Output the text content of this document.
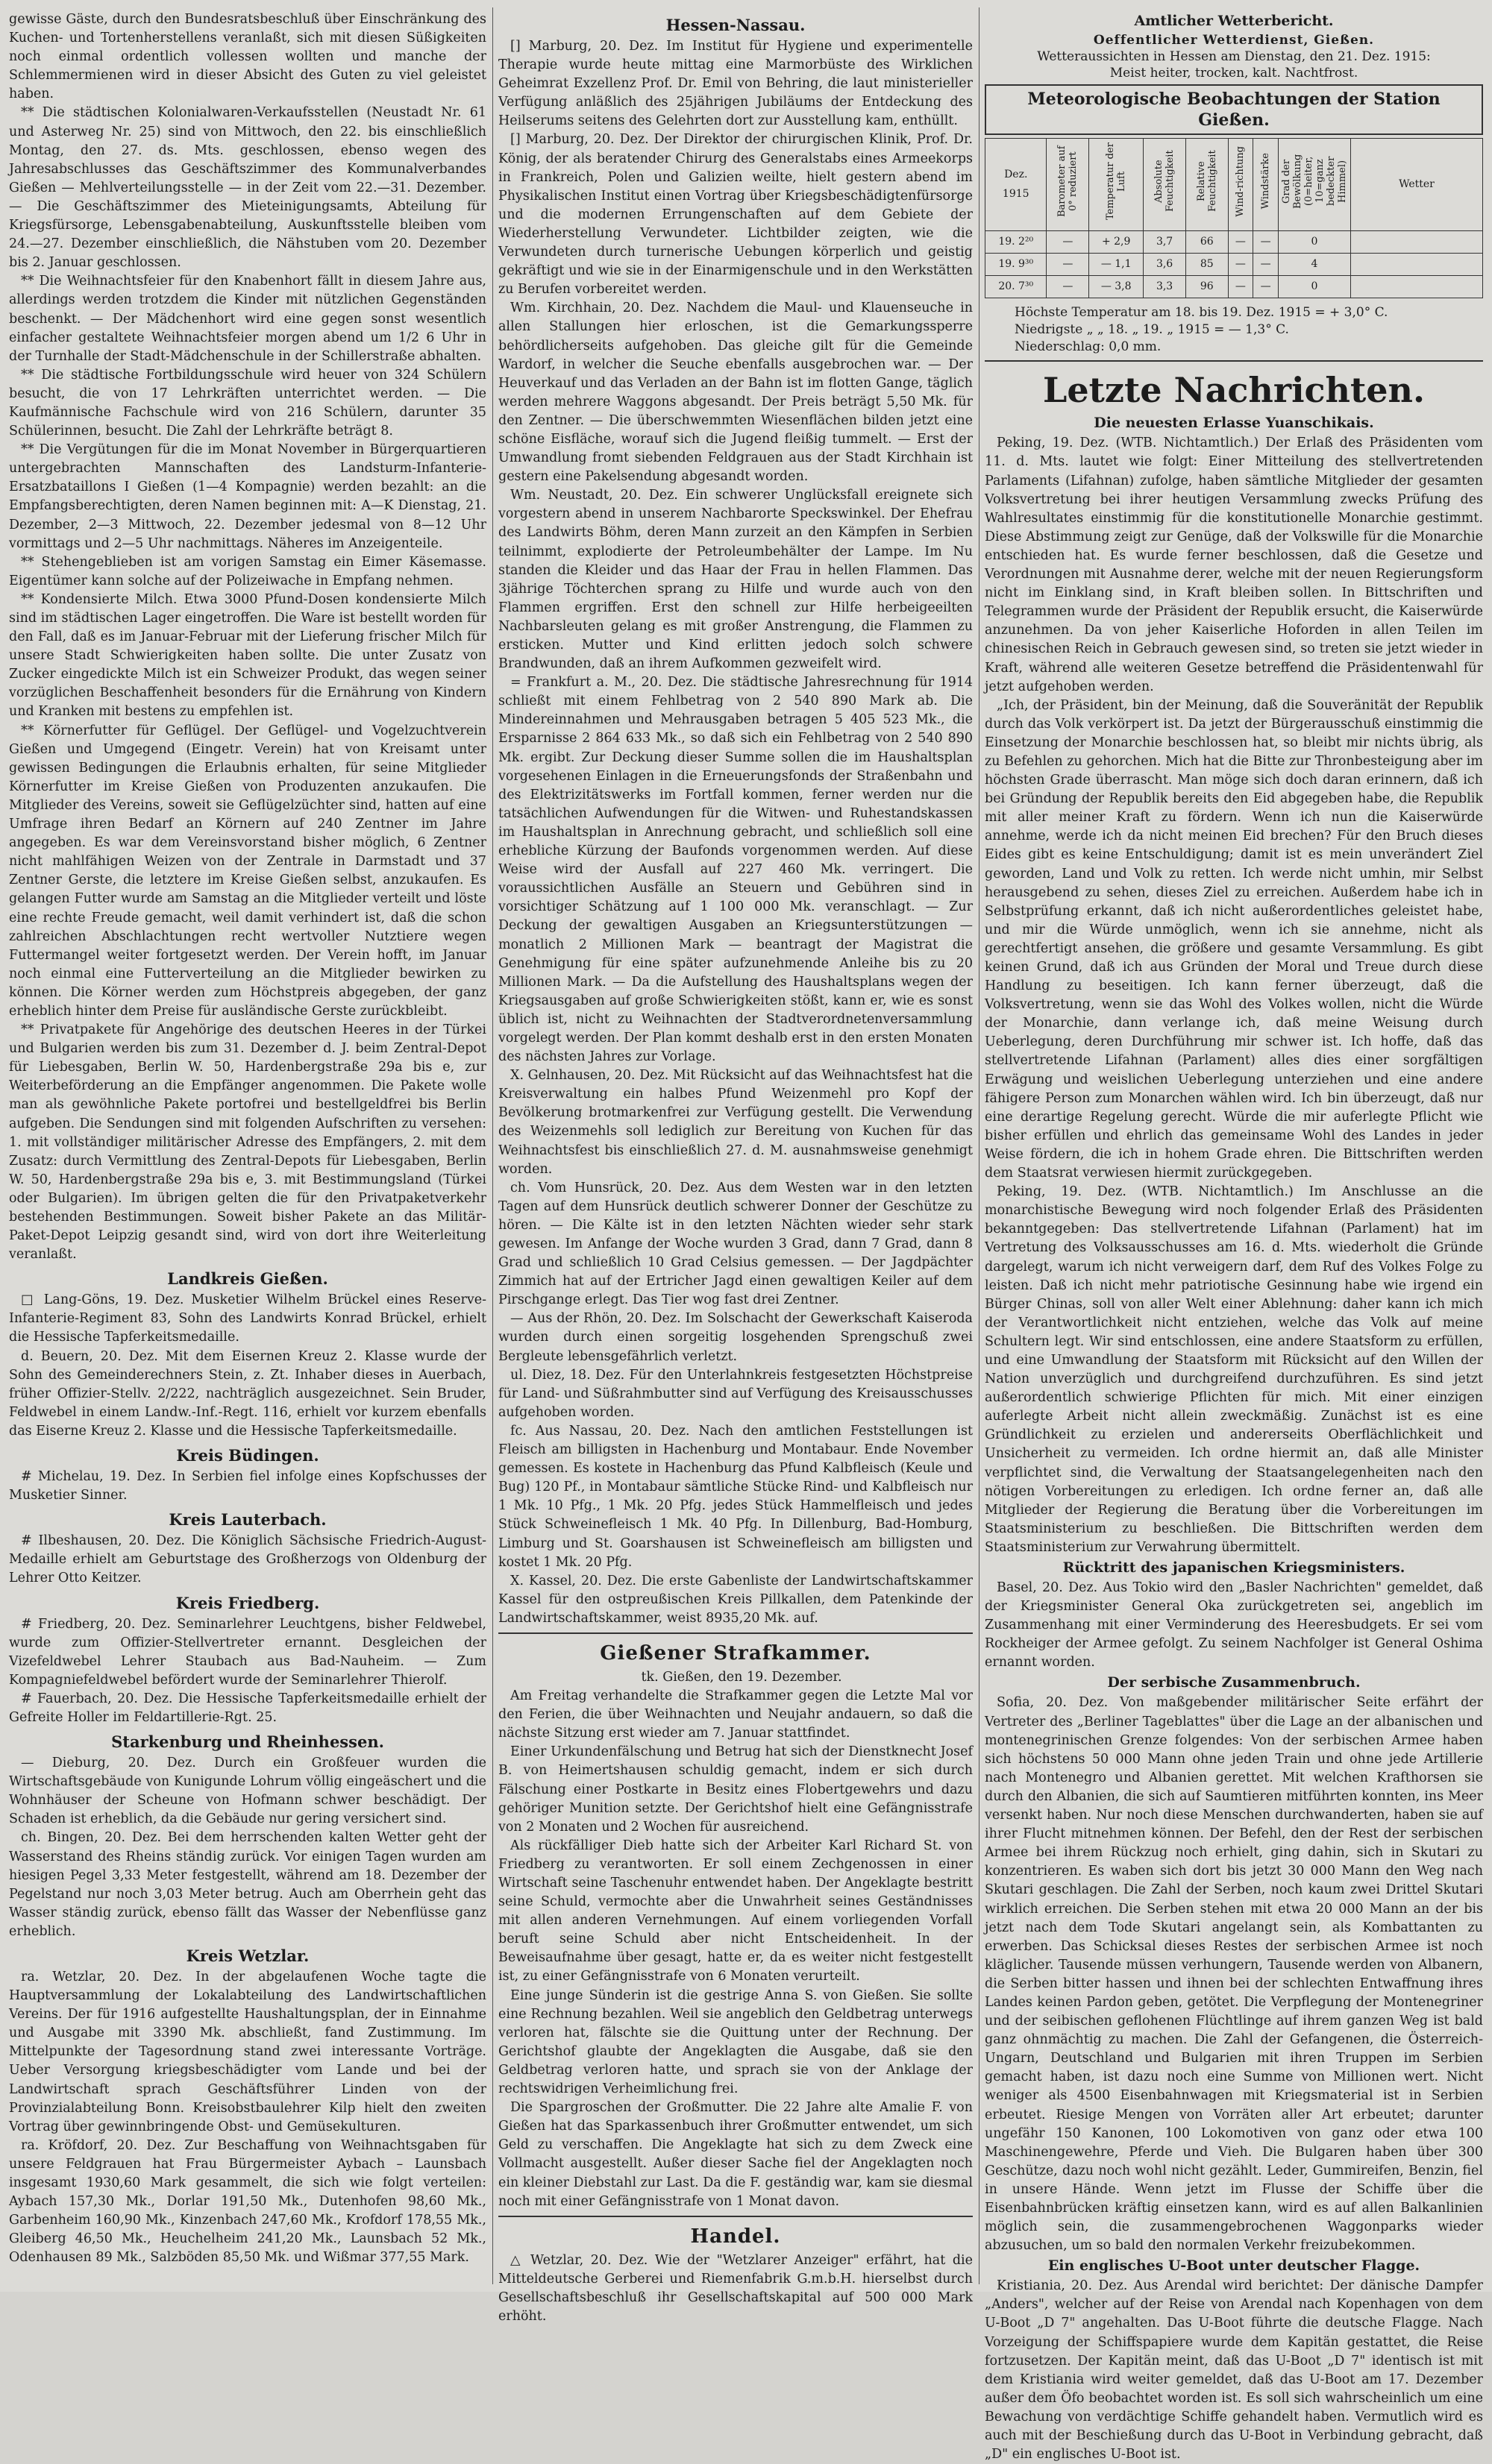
gewisse Gäste, durch den Bundesratsbeschluß über Einschränkung des Kuchen- und Tortenherstellens veranlaßt, sich mit diesen Süßigkeiten noch einmal ordentlich vollessen wollten und manche der Schlemmermienen wird in dieser Absicht des Guten zu viel geleistet haben.

** Die städtischen Kolonialwaren-Verkaufsstellen (Neustadt Nr. 61 und Asterweg Nr. 25) sind von Mittwoch, den 22. bis einschließlich Montag, den 27. ds. Mts. geschlossen, ebenso wegen des Jahresabschlusses das Geschäftszimmer des Kommunalverbandes Gießen — Mehlverteilungsstelle — in der Zeit vom 22.—31. Dezember. — Die Geschäftszimmer des Mieteinigungsamts, Abteilung für Kriegsfürsorge, Lebensgabenabteilung, Auskunftsstelle bleiben vom 24.—27. Dezember einschließlich, die Nähstuben vom 20. Dezember bis 2. Januar geschlossen.

** Die Weihnachtsfeier für den Knabenhort fällt in diesem Jahre aus, allerdings werden trotzdem die Kinder mit nützlichen Gegenständen beschenkt. — Der Mädchenhort wird eine gegen sonst wesentlich einfacher gestaltete Weihnachtsfeier morgen abend um 1/2 6 Uhr in der Turnhalle der Stadt-Mädchenschule in der Schillerstraße abhalten.

** Die städtische Fortbildungsschule wird heuer von 324 Schülern besucht, die von 17 Lehrkräften unterrichtet werden. — Die Kaufmännische Fachschule wird von 216 Schülern, darunter 35 Schülerinnen, besucht. Die Zahl der Lehrkräfte beträgt 8.

** Die Vergütungen für die im Monat November in Bürgerquartieren untergebrachten Mannschaften des Landsturm-Infanterie-Ersatzbataillons I Gießen (1—4 Kompagnie) werden bezahlt: an die Empfangsberechtigten, deren Namen beginnen mit: A—K Dienstag, 21. Dezember, 2—3 Mittwoch, 22. Dezember jedesmal von 8—12 Uhr vormittags und 2—5 Uhr nachmittags. Näheres im Anzeigenteile.

** Stehengeblieben ist am vorigen Samstag ein Eimer Käsemasse. Eigentümer kann solche auf der Polizeiwache in Empfang nehmen.

** Kondensierte Milch. Etwa 3000 Pfund-Dosen kondensierte Milch sind im städtischen Lager eingetroffen. Die Ware ist bestellt worden für den Fall, daß es im Januar-Februar mit der Lieferung frischer Milch für unsere Stadt Schwierigkeiten haben sollte. Die unter Zusatz von Zucker eingedickte Milch ist ein Schweizer Produkt, das wegen seiner vorzüglichen Beschaffenheit besonders für die Ernährung von Kindern und Kranken mit bestens zu empfehlen ist.

** Körnerfutter für Geflügel. Der Geflügel- und Vogelzuchtverein Gießen und Umgegend (Eingetr. Verein) hat von Kreisamt unter gewissen Bedingungen die Erlaubnis erhalten, für seine Mitglieder Körnerfutter im Kreise Gießen von Produzenten anzukaufen. Die Mitglieder des Vereins, soweit sie Geflügelzüchter sind, hatten auf eine Umfrage ihren Bedarf an Körnern auf 240 Zentner im Jahre angegeben. Es war dem Vereinsvorstand bisher möglich, 6 Zentner nicht mahlfähigen Weizen von der Zentrale in Darmstadt und 37 Zentner Gerste, die letztere im Kreise Gießen selbst, anzukaufen. Es gelangen Futter wurde am Samstag an die Mitglieder verteilt und löste eine rechte Freude gemacht, weil damit verhindert ist, daß die schon zahlreichen Abschlachtungen recht wertvoller Nutztiere wegen Futtermangel weiter fortgesetzt werden. Der Verein hofft, im Januar noch einmal eine Futterverteilung an die Mitglieder bewirken zu können. Die Körner werden zum Höchstpreis abgegeben, der ganz erheblich hinter dem Preise für ausländische Gerste zurückbleibt.

** Privatpakete für Angehörige des deutschen Heeres in der Türkei und Bulgarien werden bis zum 31. Dezember d. J. beim Zentral-Depot für Liebesgaben, Berlin W. 50, Hardenbergstraße 29a bis e, zur Weiterbeförderung an die Empfänger angenommen. Die Pakete wolle man als gewöhnliche Pakete portofrei und bestellgeldfrei bis Berlin aufgeben. Die Sendungen sind mit folgenden Aufschriften zu versehen: 1. mit vollständiger militärischer Adresse des Empfängers, 2. mit dem Zusatz: durch Vermittlung des Zentral-Depots für Liebesgaben, Berlin W. 50, Hardenbergstraße 29a bis e, 3. mit Bestimmungsland (Türkei oder Bulgarien). Im übrigen gelten die für den Privatpaketverkehr bestehenden Bestimmungen. Soweit bisher Pakete an das Militär-Paket-Depot Leipzig gesandt sind, wird von dort ihre Weiterleitung veranlaßt.

Landkreis Gießen.

□ Lang-Göns, 19. Dez. Musketier Wilhelm Brückel eines Reserve-Infanterie-Regiment 83, Sohn des Landwirts Konrad Brückel, erhielt die Hessische Tapferkeitsmedaille.

d. Beuern, 20. Dez. Mit dem Eisernen Kreuz 2. Klasse wurde der Sohn des Gemeinderechners Stein, z. Zt. Inhaber dieses in Auerbach, früher Offizier-Stellv. 2/222, nachträglich ausgezeichnet. Sein Bruder, Feldwebel in einem Landw.-Inf.-Regt. 116, erhielt vor kurzem ebenfalls das Eiserne Kreuz 2. Klasse und die Hessische Tapferkeitsmedaille.

Kreis Büdingen.

# Michelau, 19. Dez. In Serbien fiel infolge eines Kopfschusses der Musketier Sinner.

Kreis Lauterbach.

# Ilbeshausen, 20. Dez. Die Königlich Sächsische Friedrich-August-Medaille erhielt am Geburtstage des Großherzogs von Oldenburg der Lehrer Otto Keitzer.

Kreis Friedberg.

# Friedberg, 20. Dez. Seminarlehrer Leuchtgens, bisher Feldwebel, wurde zum Offizier-Stellvertreter ernannt. Desgleichen der Vizefeldwebel Lehrer Staubach aus Bad-Nauheim. — Zum Kompagniefeldwebel befördert wurde der Seminarlehrer Thierolf.

# Fauerbach, 20. Dez. Die Hessische Tapferkeitsmedaille erhielt der Gefreite Holler im Feldartillerie-Rgt. 25.

Starkenburg und Rheinhessen.

— Dieburg, 20. Dez. Durch ein Großfeuer wurden die Wirtschaftsgebäude von Kunigunde Lohrum völlig eingeäschert und die Wohnhäuser der Scheune von Hofmann schwer beschädigt. Der Schaden ist erheblich, da die Gebäude nur gering versichert sind.

ch. Bingen, 20. Dez. Bei dem herrschenden kalten Wetter geht der Wasserstand des Rheins ständig zurück. Vor einigen Tagen wurden am hiesigen Pegel 3,33 Meter festgestellt, während am 18. Dezember der Pegelstand nur noch 3,03 Meter betrug. Auch am Oberrhein geht das Wasser ständig zurück, ebenso fällt das Wasser der Nebenflüsse ganz erheblich.

Kreis Wetzlar.

ra. Wetzlar, 20. Dez. In der abgelaufenen Woche tagte die Hauptversammlung der Lokalabteilung des Landwirtschaftlichen Vereins. Der für 1916 aufgestellte Haushaltungsplan, der in Einnahme und Ausgabe mit 3390 Mk. abschließt, fand Zustimmung. Im Mittelpunkte der Tagesordnung stand zwei interessante Vorträge. Ueber Versorgung kriegsbeschädigter vom Lande und bei der Landwirtschaft sprach Geschäftsführer Linden von der Provinzialabteilung Bonn. Kreisobstbaulehrer Kilp hielt den zweiten Vortrag über gewinnbringende Obst- und Gemüsekulturen.

ra. Kröfdorf, 20. Dez. Zur Beschaffung von Weihnachtsgaben für unsere Feldgrauen hat Frau Bürgermeister Aybach – Launsbach insgesamt 1930,60 Mark gesammelt, die sich wie folgt verteilen: Aybach 157,30 Mk., Dorlar 191,50 Mk., Dutenhofen 98,60 Mk., Garbenheim 160,90 Mk., Kinzenbach 247,60 Mk., Krofdorf 178,55 Mk., Gleiberg 46,50 Mk., Heuchelheim 241,20 Mk., Launsbach 52 Mk., Odenhausen 89 Mk., Salzböden 85,50 Mk. und Wißmar 377,55 Mark.

Hessen-Nassau.

[] Marburg, 20. Dez. Im Institut für Hygiene und experimentelle Therapie wurde heute mittag eine Marmorbüste des Wirklichen Geheimrat Exzellenz Prof. Dr. Emil von Behring, die laut ministerieller Verfügung anläßlich des 25jährigen Jubiläums der Entdeckung des Heilserums seitens des Gelehrten dort zur Ausstellung kam, enthüllt.

[] Marburg, 20. Dez. Der Direktor der chirurgischen Klinik, Prof. Dr. König, der als beratender Chirurg des Generalstabs eines Armeekorps in Frankreich, Polen und Galizien weilte, hielt gestern abend im Physikalischen Institut einen Vortrag über Kriegsbeschädigtenfürsorge und die modernen Errungenschaften auf dem Gebiete der Wiederherstellung Verwundeter. Lichtbilder zeigten, wie die Verwundeten durch turnerische Uebungen körperlich und geistig gekräftigt und wie sie in der Einarmigenschule und in den Werkstätten zu Berufen vorbereitet werden.

Wm. Kirchhain, 20. Dez. Nachdem die Maul- und Klauenseuche in allen Stallungen hier erloschen, ist die Gemarkungssperre behördlicherseits aufgehoben. Das gleiche gilt für die Gemeinde Wardorf, in welcher die Seuche ebenfalls ausgebrochen war. — Der Heuverkauf und das Verladen an der Bahn ist im flotten Gange, täglich werden mehrere Waggons abgesandt. Der Preis beträgt 5,50 Mk. für den Zentner. — Die überschwemmten Wiesenflächen bilden jetzt eine schöne Eisfläche, worauf sich die Jugend fleißig tummelt. — Erst der Umwandlung fromt siebenden Feldgrauen aus der Stadt Kirchhain ist gestern eine Pakelsendung abgesandt worden.

Wm. Neustadt, 20. Dez. Ein schwerer Unglücksfall ereignete sich vorgestern abend in unserem Nachbarorte Speckswinkel. Der Ehefrau des Landwirts Böhm, deren Mann zurzeit an den Kämpfen in Serbien teilnimmt, explodierte der Petroleumbehälter der Lampe. Im Nu standen die Kleider und das Haar der Frau in hellen Flammen. Das 3jährige Töchterchen sprang zu Hilfe und wurde auch von den Flammen ergriffen. Erst den schnell zur Hilfe herbeigeeilten Nachbarsleuten gelang es mit großer Anstrengung, die Flammen zu ersticken. Mutter und Kind erlitten jedoch solch schwere Brandwunden, daß an ihrem Aufkommen gezweifelt wird.

= Frankfurt a. M., 20. Dez. Die städtische Jahresrechnung für 1914 schließt mit einem Fehlbetrag von 2 540 890 Mark ab. Die Mindereinnahmen und Mehrausgaben betragen 5 405 523 Mk., die Ersparnisse 2 864 633 Mk., so daß sich ein Fehlbetrag von 2 540 890 Mk. ergibt. Zur Deckung dieser Summe sollen die im Haushaltsplan vorgesehenen Einlagen in die Erneuerungsfonds der Straßenbahn und des Elektrizitätswerks im Fortfall kommen, ferner werden nur die tatsächlichen Aufwendungen für die Witwen- und Ruhestandskassen im Haushaltsplan in Anrechnung gebracht, und schließlich soll eine erhebliche Kürzung der Baufonds vorgenommen werden. Auf diese Weise wird der Ausfall auf 227 460 Mk. verringert. Die voraussichtlichen Ausfälle an Steuern und Gebühren sind in vorsichtiger Schätzung auf 1 100 000 Mk. veranschlagt. — Zur Deckung der gewaltigen Ausgaben an Kriegsunterstützungen — monatlich 2 Millionen Mark — beantragt der Magistrat die Genehmigung für eine später aufzunehmende Anleihe bis zu 20 Millionen Mark. — Da die Aufstellung des Haushaltsplans wegen der Kriegsausgaben auf große Schwierigkeiten stößt, kann er, wie es sonst üblich ist, nicht zu Weihnachten der Stadtverordnetenversammlung vorgelegt werden. Der Plan kommt deshalb erst in den ersten Monaten des nächsten Jahres zur Vorlage.

X. Gelnhausen, 20. Dez. Mit Rücksicht auf das Weihnachtsfest hat die Kreisverwaltung ein halbes Pfund Weizenmehl pro Kopf der Bevölkerung brotmarkenfrei zur Verfügung gestellt. Die Verwendung des Weizenmehls soll lediglich zur Bereitung von Kuchen für das Weihnachtsfest bis einschließlich 27. d. M. ausnahmsweise genehmigt worden.

ch. Vom Hunsrück, 20. Dez. Aus dem Westen war in den letzten Tagen auf dem Hunsrück deutlich schwerer Donner der Geschütze zu hören. — Die Kälte ist in den letzten Nächten wieder sehr stark gewesen. Im Anfange der Woche wurden 3 Grad, dann 7 Grad, dann 8 Grad und schließlich 10 Grad Celsius gemessen. — Der Jagdpächter Zimmich hat auf der Ertricher Jagd einen gewaltigen Keiler auf dem Pirschgange erlegt. Das Tier wog fast drei Zentner.

— Aus der Rhön, 20. Dez. Im Solschacht der Gewerkschaft Kaiseroda wurden durch einen sorgeitig losgehenden Sprengschuß zwei Bergleute lebensgefährlich verletzt.

ul. Diez, 18. Dez. Für den Unterlahnkreis festgesetzten Höchstpreise für Land- und Süßrahmbutter sind auf Verfügung des Kreisausschusses aufgehoben worden.

fc. Aus Nassau, 20. Dez. Nach den amtlichen Feststellungen ist Fleisch am billigsten in Hachenburg und Montabaur. Ende November gemessen. Es kostete in Hachenburg das Pfund Kalbfleisch (Keule und Bug) 120 Pf., in Montabaur sämtliche Stücke Rind- und Kalbfleisch nur 1 Mk. 10 Pfg., 1 Mk. 20 Pfg. jedes Stück Hammelfleisch und jedes Stück Schweinefleisch 1 Mk. 40 Pfg. In Dillenburg, Bad-Homburg, Limburg und St. Goarshausen ist Schweinefleisch am billigsten und kostet 1 Mk. 20 Pfg.

X. Kassel, 20. Dez. Die erste Gabenliste der Landwirtschaftskammer Kassel für den ostpreußischen Kreis Pillkallen, dem Patenkinde der Landwirtschaftskammer, weist 8935,20 Mk. auf.

Gießener Strafkammer.

tk. Gießen, den 19. Dezember.

Am Freitag verhandelte die Strafkammer gegen die Letzte Mal vor den Ferien, die über Weihnachten und Neujahr andauern, so daß die nächste Sitzung erst wieder am 7. Januar stattfindet.

Einer Urkundenfälschung und Betrug hat sich der Dienstknecht Josef B. von Heimertshausen schuldig gemacht, indem er sich durch Fälschung einer Postkarte in Besitz eines Flobertgewehrs und dazu gehöriger Munition setzte. Der Gerichtshof hielt eine Gefängnisstrafe von 2 Monaten und 2 Wochen für ausreichend.

Als rückfälliger Dieb hatte sich der Arbeiter Karl Richard St. von Friedberg zu verantworten. Er soll einem Zechgenossen in einer Wirtschaft seine Taschenuhr entwendet haben. Der Angeklagte bestritt seine Schuld, vermochte aber die Unwahrheit seines Geständnisses mit allen anderen Vernehmungen. Auf einem vorliegenden Vorfall beruft seine Schuld aber nicht Entscheidenheit. In der Beweisaufnahme über gesagt, hatte er, da es weiter nicht festgestellt ist, zu einer Gefängnisstrafe von 6 Monaten verurteilt.

Eine junge Sünderin ist die gestrige Anna S. von Gießen. Sie sollte eine Rechnung bezahlen. Weil sie angeblich den Geldbetrag unterwegs verloren hat, fälschte sie die Quittung unter der Rechnung. Der Gerichtshof glaubte der Angeklagten die Ausgabe, daß sie den Geldbetrag verloren hatte, und sprach sie von der Anklage der rechtswidrigen Verheimlichung frei.

Die Spargroschen der Großmutter. Die 22 Jahre alte Amalie F. von Gießen hat das Sparkassenbuch ihrer Großmutter entwendet, um sich Geld zu verschaffen. Die Angeklagte hat sich zu dem Zweck eine Vollmacht ausgestellt. Außer dieser Sache fiel der Angeklagten noch ein kleiner Diebstahl zur Last. Da die F. geständig war, kam sie diesmal noch mit einer Gefängnisstrafe von 1 Monat davon.

Handel.

△ Wetzlar, 20. Dez. Wie der "Wetzlarer Anzeiger" erfährt, hat die Mitteldeutsche Gerberei und Riemenfabrik G.m.b.H. hierselbst durch Gesellschaftsbeschluß ihr Gesellschaftskapital auf 500 000 Mark erhöht.

Amtlicher Wetterbericht.
Oeffentlicher Wetterdienst, Gießen.
Wetteraussichten in Hessen am Dienstag, den 21. Dez. 1915:
Meist heiter, trocken, kalt. Nachtfrost.
Meteorologische Beobachtungen der Station Gießen.
Dez.
1915	Barometer auf 0° reduziert	Temperatur der Luft	Absolute Feuchtigkeit	Relative Feuchtigkeit	Wind-richtung	Windstärke	Grad der Bewölkung (0=heiter, 10=ganz bedeckter Himmel)	Wetter
19. 2²⁰	—	+ 2,9	3,7	66	—	—	0	
19. 9³⁰	—	— 1,1	3,6	85	—	—	4	
20. 7³⁰	—	— 3,8	3,3	96	—	—	0	
Höchste Temperatur am 18. bis 19. Dez. 1915 = + 3,0° C.
Niedrigste „ „ 18. „ 19. „ 1915 = — 1,3° C.
Niederschlag: 0,0 mm.
Letzte Nachrichten.
Die neuesten Erlasse Yuanschikais.

Peking, 19. Dez. (WTB. Nichtamtlich.) Der Erlaß des Präsidenten vom 11. d. Mts. lautet wie folgt: Einer Mitteilung des stellvertretenden Parlaments (Lifahnan) zufolge, haben sämtliche Mitglieder der gesamten Volksvertretung bei ihrer heutigen Versammlung zwecks Prüfung des Wahlresultates einstimmig für die konstitutionelle Monarchie gestimmt. Diese Abstimmung zeigt zur Genüge, daß der Volkswille für die Monarchie entschieden hat. Es wurde ferner beschlossen, daß die Gesetze und Verordnungen mit Ausnahme derer, welche mit der neuen Regierungsform nicht im Einklang sind, in Kraft bleiben sollen. In Bittschriften und Telegrammen wurde der Präsident der Republik ersucht, die Kaiserwürde anzunehmen. Da von jeher Kaiserliche Hoforden in allen Teilen im chinesischen Reich in Gebrauch gewesen sind, so treten sie jetzt wieder in Kraft, während alle weiteren Gesetze betreffend die Präsidentenwahl für jetzt aufgehoben werden.

„Ich, der Präsident, bin der Meinung, daß die Souveränität der Republik durch das Volk verkörpert ist. Da jetzt der Bürgerausschuß einstimmig die Einsetzung der Monarchie beschlossen hat, so bleibt mir nichts übrig, als zu Befehlen zu gehorchen. Mich hat die Bitte zur Thronbesteigung aber im höchsten Grade überrascht. Man möge sich doch daran erinnern, daß ich bei Gründung der Republik bereits den Eid abgegeben habe, die Republik mit aller meiner Kraft zu fördern. Wenn ich nun die Kaiserwürde annehme, werde ich da nicht meinen Eid brechen? Für den Bruch dieses Eides gibt es keine Entschuldigung; damit ist es mein unverändert Ziel geworden, Land und Volk zu retten. Ich werde nicht umhin, mir Selbst herausgebend zu sehen, dieses Ziel zu erreichen. Außerdem habe ich in Selbstprüfung erkannt, daß ich nicht außerordentliches geleistet habe, und mir die Würde unmöglich, wenn ich sie annehme, nicht als gerechtfertigt ansehen, die größere und gesamte Versammlung. Es gibt keinen Grund, daß ich aus Gründen der Moral und Treue durch diese Handlung zu beseitigen. Ich kann ferner überzeugt, daß die Volksvertretung, wenn sie das Wohl des Volkes wollen, nicht die Würde der Monarchie, dann verlange ich, daß meine Weisung durch Ueberlegung, deren Durchführung mir schwer ist. Ich hoffe, daß das stellvertretende Lifahnan (Parlament) alles dies einer sorgfältigen Erwägung und weislichen Ueberlegung unterziehen und eine andere fähigere Person zum Monarchen wählen wird. Ich bin überzeugt, daß nur eine derartige Regelung gerecht. Würde die mir auferlegte Pflicht wie bisher erfüllen und ehrlich das gemeinsame Wohl des Landes in jeder Weise fördern, die ich in hohem Grade ehren. Die Bittschriften werden dem Staatsrat verwiesen hiermit zurückgegeben.

Peking, 19. Dez. (WTB. Nichtamtlich.) Im Anschlusse an die monarchistische Bewegung wird noch folgender Erlaß des Präsidenten bekanntgegeben: Das stellvertretende Lifahnan (Parlament) hat im Vertretung des Volksausschusses am 16. d. Mts. wiederholt die Gründe dargelegt, warum ich nicht verweigern darf, dem Ruf des Volkes Folge zu leisten. Daß ich nicht mehr patriotische Gesinnung habe wie irgend ein Bürger Chinas, soll von aller Welt einer Ablehnung: daher kann ich mich der Verantwortlichkeit nicht entziehen, welche das Volk auf meine Schultern legt. Wir sind entschlossen, eine andere Staatsform zu erfüllen, und eine Umwandlung der Staatsform mit Rücksicht auf den Willen der Nation unverzüglich und durchgreifend durchzuführen. Es sind jetzt außerordentlich schwierige Pflichten für mich. Mit einer einzigen auferlegte Arbeit nicht allein zweckmäßig. Zunächst ist es eine Gründlichkeit zu erzielen und andererseits Oberflächlichkeit und Unsicherheit zu vermeiden. Ich ordne hiermit an, daß alle Minister verpflichtet sind, die Verwaltung der Staatsangelegenheiten nach den nötigen Vorbereitungen zu erledigen. Ich ordne ferner an, daß alle Mitglieder der Regierung die Beratung über die Vorbereitungen im Staatsministerium zu beschließen. Die Bittschriften werden dem Staatsministerium zur Verwahrung übermittelt.

Rücktritt des japanischen Kriegsministers.

Basel, 20. Dez. Aus Tokio wird den „Basler Nachrichten" gemeldet, daß der Kriegsminister General Oka zurückgetreten sei, angeblich im Zusammenhang mit einer Verminderung des Heeresbudgets. Er sei vom Rockheiger der Armee gefolgt. Zu seinem Nachfolger ist General Oshima ernannt worden.

Der serbische Zusammenbruch.

Sofia, 20. Dez. Von maßgebender militärischer Seite erfährt der Vertreter des „Berliner Tageblattes" über die Lage an der albanischen und montenegrinischen Grenze folgendes: Von der serbischen Armee haben sich höchstens 50 000 Mann ohne jeden Train und ohne jede Artillerie nach Montenegro und Albanien gerettet. Mit welchen Krafthorsen sie durch den Albanien, die sich auf Saumtieren mitführten konnten, ins Meer versenkt haben. Nur noch diese Menschen durchwanderten, haben sie auf ihrer Flucht mitnehmen können. Der Befehl, den der Rest der serbischen Armee bei ihrem Rückzug noch erhielt, ging dahin, sich in Skutari zu konzentrieren. Es waben sich dort bis jetzt 30 000 Mann den Weg nach Skutari geschlagen. Die Zahl der Serben, noch kaum zwei Drittel Skutari wirklich erreichen. Die Serben stehen mit etwa 20 000 Mann an der bis jetzt nach dem Tode Skutari angelangt sein, als Kombattanten zu erwerben. Das Schicksal dieses Restes der serbischen Armee ist noch kläglicher. Tausende müssen verhungern, Tausende werden von Albanern, die Serben bitter hassen und ihnen bei der schlechten Entwaffnung ihres Landes keinen Pardon geben, getötet. Die Verpflegung der Montenegriner und der seibischen geflohenen Flüchtlinge auf ihrem ganzen Weg ist bald ganz ohnmächtig zu machen. Die Zahl der Gefangenen, die Österreich-Ungarn, Deutschland und Bulgarien mit ihren Truppen im Serbien gemacht haben, ist dazu noch eine Summe von Millionen wert. Nicht weniger als 4500 Eisenbahnwagen mit Kriegsmaterial ist in Serbien erbeutet. Riesige Mengen von Vorräten aller Art erbeutet; darunter ungefähr 150 Kanonen, 100 Lokomotiven von ganz oder etwa 100 Maschinengewehre, Pferde und Vieh. Die Bulgaren haben über 300 Geschütze, dazu noch wohl nicht gezählt. Leder, Gummireifen, Benzin, fiel in unsere Hände. Wenn jetzt im Flusse der Schiffe über die Eisenbahnbrücken kräftig einsetzen kann, wird es auf allen Balkanlinien möglich sein, die zusammengebrochenen Waggonparks wieder abzusuchen, um so bald den normalen Verkehr freizubekommen.

Ein englisches U-Boot unter deutscher Flagge.

Kristiania, 20. Dez. Aus Arendal wird berichtet: Der dänische Dampfer „Anders", welcher auf der Reise von Arendal nach Kopenhagen von dem U-Boot „D 7" angehalten. Das U-Boot führte die deutsche Flagge. Nach Vorzeigung der Schiffspapiere wurde dem Kapitän gestattet, die Reise fortzusetzen. Der Kapitän meint, daß das U-Boot „D 7" identisch ist mit dem Kristiania wird weiter gemeldet, daß das U-Boot am 17. Dezember außer dem Öfo beobachtet worden ist. Es soll sich wahrscheinlich um eine Bewachung von verdächtige Schiffe gehandelt haben. Vermutlich wird es auch mit der Beschießung durch das U-Boot in Verbindung gebracht, daß „D" ein englisches U-Boot ist.
